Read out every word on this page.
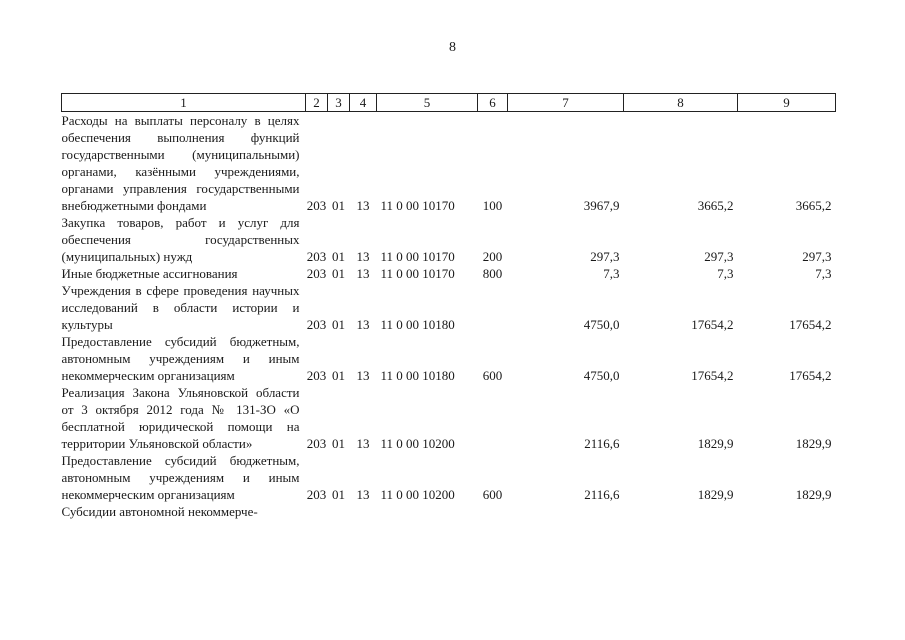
8
1	2	3	4	5	6	7	8	9
Расходы на выплаты персоналу в целях обеспечения выполнения функций государственными (муниципальными) органами, казёнными учреждениями, органами управления государственными внебюджетными фондами	203	01	13	11 0 00 10170	100	3967,9	3665,2	3665,2
Закупка товаров, работ и услуг для обеспечения государственных (муниципальных) нужд	203	01	13	11 0 00 10170	200	297,3	297,3	297,3
Иные бюджетные ассигнования	203	01	13	11 0 00 10170	800	7,3	7,3	7,3
Учреждения в сфере проведения научных исследований в области истории и культуры	203	01	13	11 0 00 10180		4750,0	17654,2	17654,2
Предоставление субсидий бюджетным, автономным учреждениям и иным некоммерческим организациям	203	01	13	11 0 00 10180	600	4750,0	17654,2	17654,2
Реализация Закона Ульяновской области от 3 октября 2012 года № 131-ЗО «О бесплатной юридической помощи на территории Ульяновской области»	203	01	13	11 0 00 10200		2116,6	1829,9	1829,9
Предоставление субсидий бюджетным, автономным учреждениям и иным некоммерческим организациям	203	01	13	11 0 00 10200	600	2116,6	1829,9	1829,9
Субсидии автономной некоммерче-								
